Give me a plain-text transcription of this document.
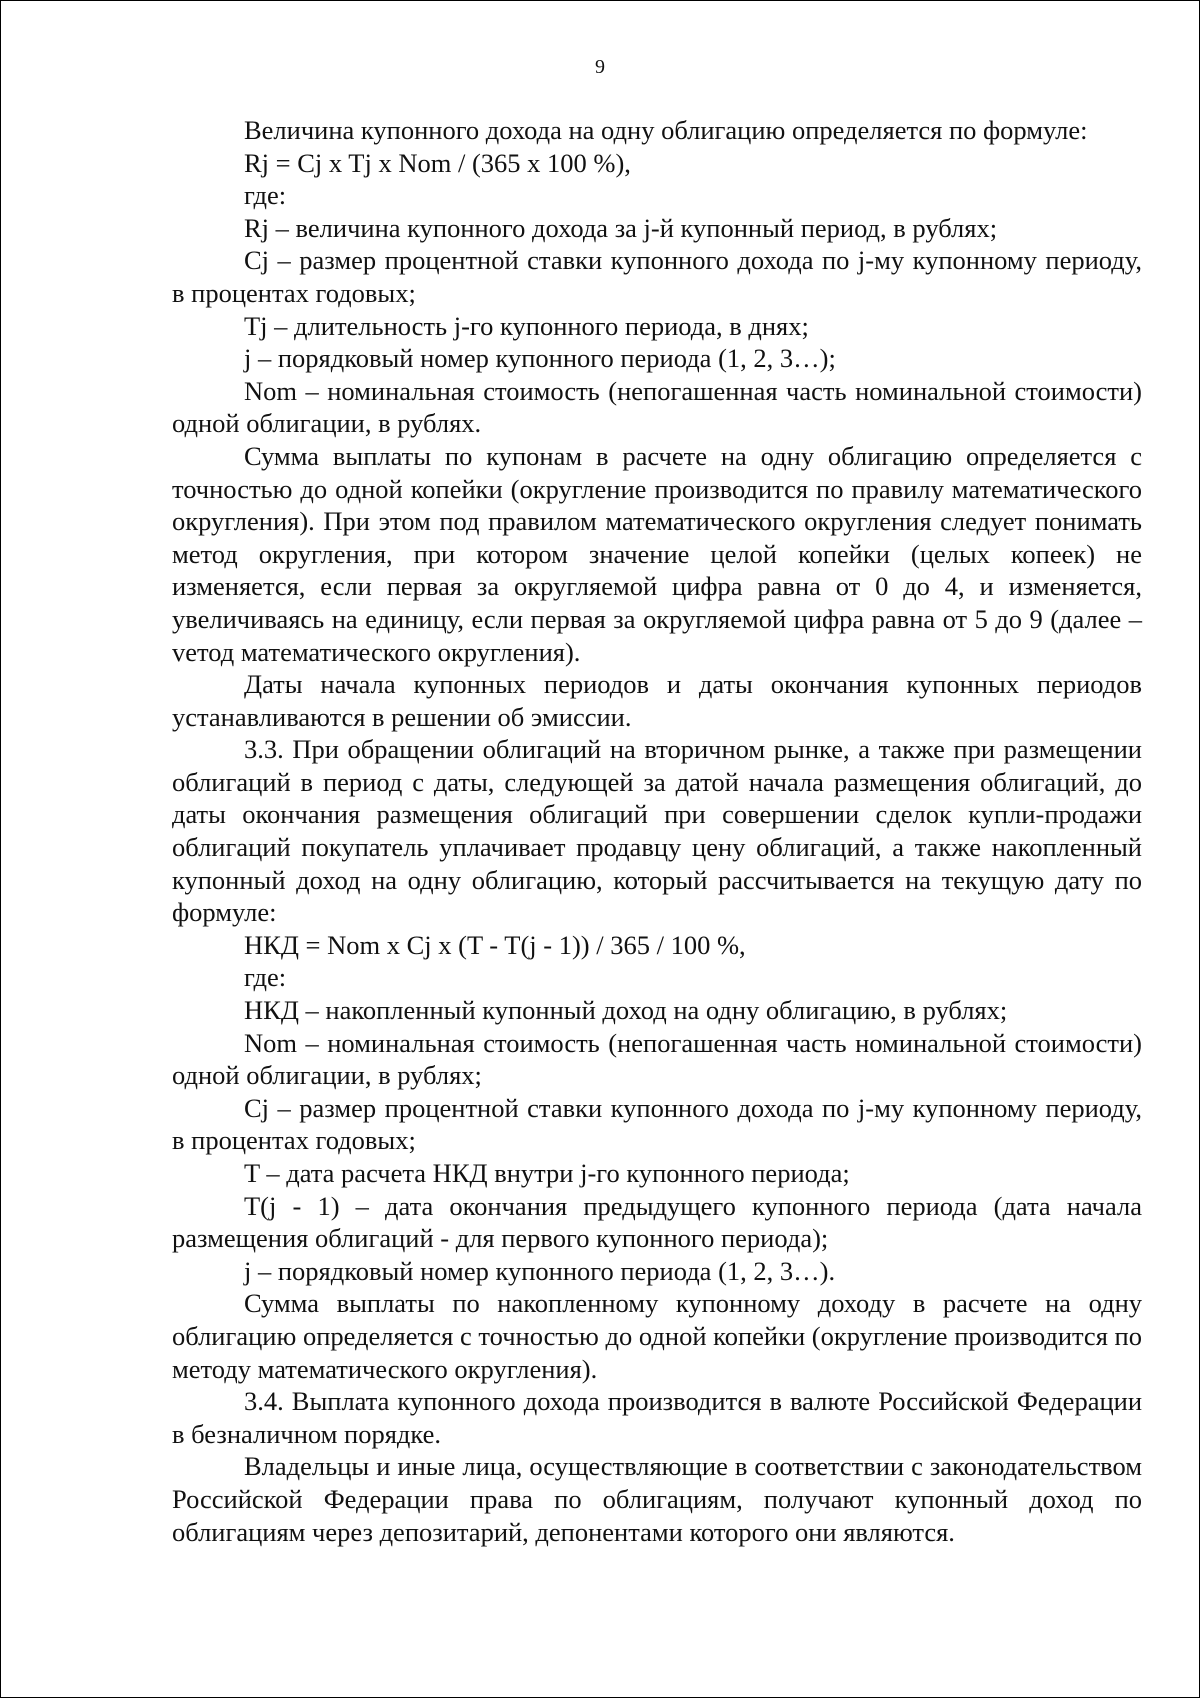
9

Величина купонного дохода на одну облигацию определяется по формуле:

Rj = Cj x Tj x Nom / (365 x 100 %),

где:

Rj – величина купонного дохода за j-й купонный период, в рублях;

Cj – размер процентной ставки купонного дохода по j-му купонному периоду, в процентах годовых;

Tj – длительность j-го купонного периода, в днях;

j – порядковый номер купонного периода (1, 2, 3…);

Nom – номинальная стоимость (непогашенная часть номинальной стоимости) одной облигации, в рублях.

Сумма выплаты по купонам в расчете на одну облигацию определяется с точностью до одной копейки (округление производится по правилу математического округления). При этом под правилом математического округления следует понимать метод округления, при котором значение целой копейки (целых копеек) не изменяется, если первая за округляемой цифра равна от 0 до 4, и изменяется, увеличиваясь на единицу, если первая за округляемой цифра равна от 5 до 9 (далее – vетод математического округления).

Даты начала купонных периодов и даты окончания купонных периодов устанавливаются в решении об эмиссии.

3.3. При обращении облигаций на вторичном рынке, а также при размещении облигаций в период с даты, следующей за датой начала размещения облигаций, до даты окончания размещения облигаций при совершении сделок купли-продажи облигаций покупатель уплачивает продавцу цену облигаций, а также накопленный купонный доход на одну облигацию, который рассчитывается на текущую дату по формуле:

НКД = Nom x Cj x (T - T(j - 1)) / 365 / 100 %,

где:

НКД – накопленный купонный доход на одну облигацию, в рублях;

Nom – номинальная стоимость (непогашенная часть номинальной стоимости) одной облигации, в рублях;

Cj – размер процентной ставки купонного дохода по j-му купонному периоду, в процентах годовых;

T – дата расчета НКД внутри j-го купонного периода;

T(j - 1) – дата окончания предыдущего купонного периода (дата начала размещения облигаций - для первого купонного периода);

j – порядковый номер купонного периода (1, 2, 3…).

Сумма выплаты по накопленному купонному доходу в расчете на одну облигацию определяется с точностью до одной копейки (округление производится по методу математического округления).

3.4. Выплата купонного дохода производится в валюте Российской Федерации в безналичном порядке.

Владельцы и иные лица, осуществляющие в соответствии с законодательством Российской Федерации права по облигациям, получают купонный доход по облигациям через депозитарий, депонентами которого они являются.
